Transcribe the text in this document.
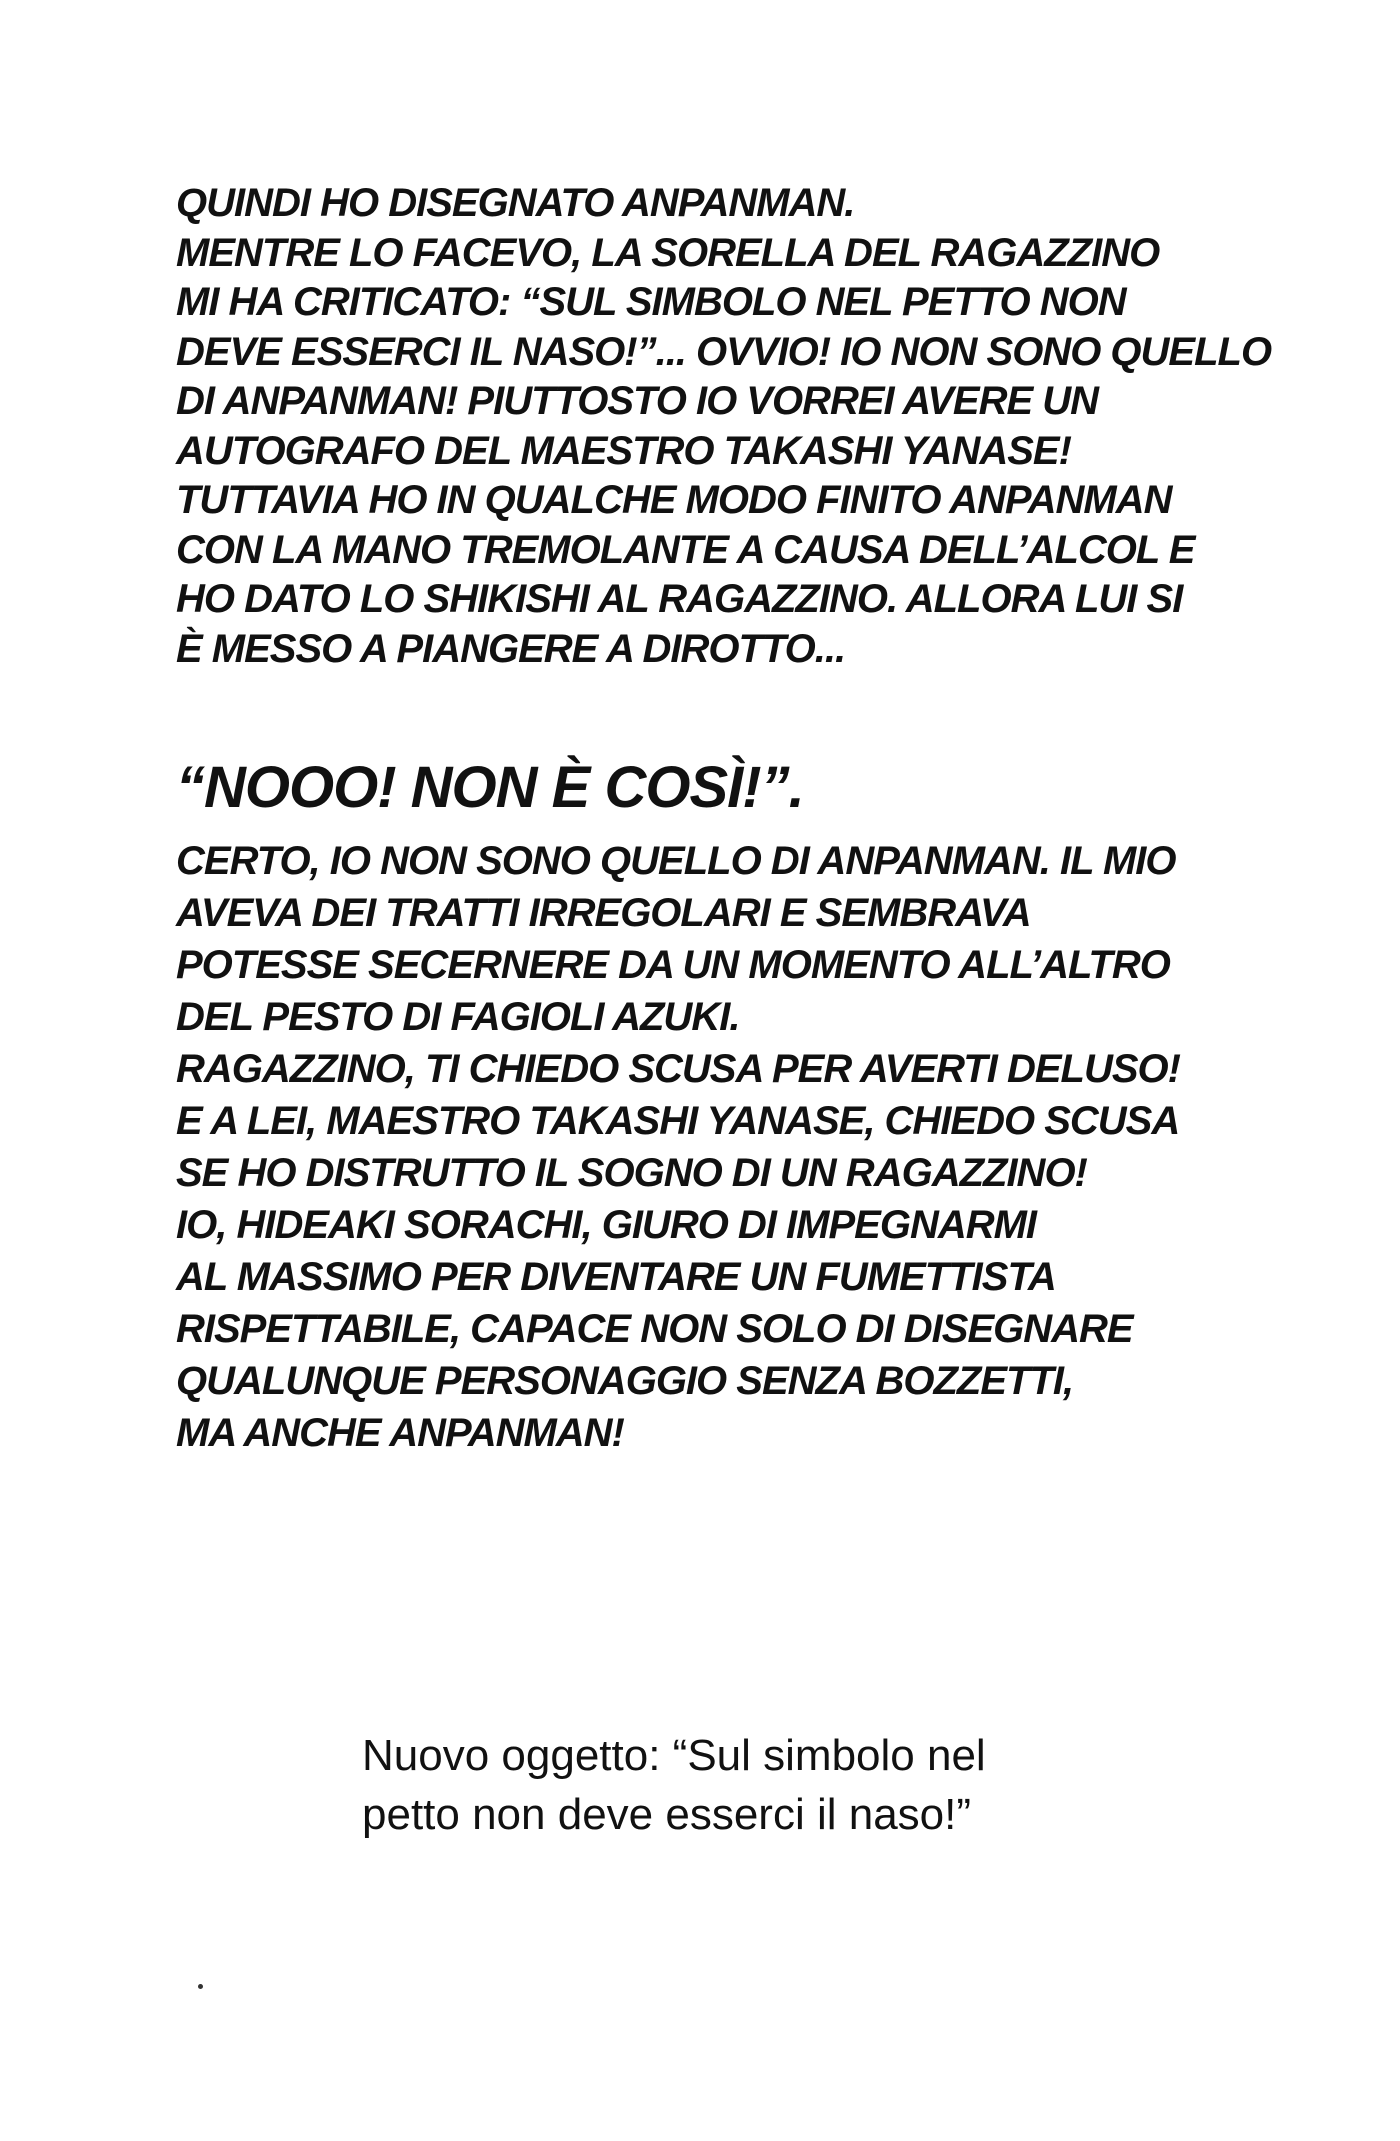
QUINDI HO DISEGNATO ANPANMAN.
MENTRE LO FACEVO, LA SORELLA DEL RAGAZZINO
MI HA CRITICATO: “SUL SIMBOLO NEL PETTO NON
DEVE ESSERCI IL NASO!”... OVVIO! IO NON SONO QUELLO
DI ANPANMAN! PIUTTOSTO IO VORREI AVERE UN
AUTOGRAFO DEL MAESTRO TAKASHI YANASE!
TUTTAVIA HO IN QUALCHE MODO FINITO ANPANMAN
CON LA MANO TREMOLANTE A CAUSA DELL’ALCOL E
HO DATO LO SHIKISHI AL RAGAZZINO. ALLORA LUI SI
È MESSO A PIANGERE A DIROTTO...
“NOOO! NON È COSÌ!”.
CERTO, IO NON SONO QUELLO DI ANPANMAN. IL MIO
AVEVA DEI TRATTI IRREGOLARI E SEMBRAVA
POTESSE SECERNERE DA UN MOMENTO ALL’ALTRO
DEL PESTO DI FAGIOLI AZUKI.
RAGAZZINO, TI CHIEDO SCUSA PER AVERTI DELUSO!
E A LEI, MAESTRO TAKASHI YANASE, CHIEDO SCUSA
SE HO DISTRUTTO IL SOGNO DI UN RAGAZZINO!
IO, HIDEAKI SORACHI, GIURO DI IMPEGNARMI
AL MASSIMO PER DIVENTARE UN FUMETTISTA
RISPETTABILE, CAPACE NON SOLO DI DISEGNARE
QUALUNQUE PERSONAGGIO SENZA BOZZETTI,
MA ANCHE ANPANMAN!
Nuovo oggetto: “Sul simbolo nel
petto non deve esserci il naso!”
